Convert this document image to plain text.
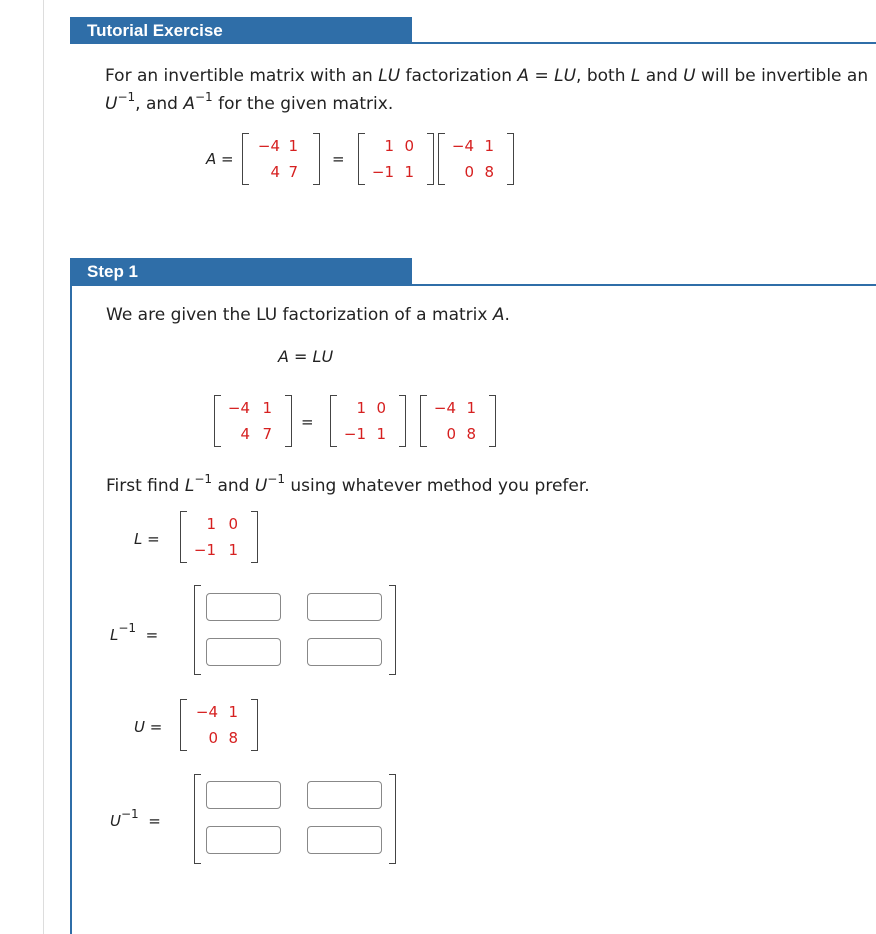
Tutorial Exercise
For an invertible matrix with an LU factorization A = LU, both L and U will be invertible an
$U^{-1}$, and $A^{-1}$ for the given matrix.
A =
−4 1
4 7
=
1 0
−1 1
−4 1
0 8
Step 1
We are given the LU factorization of a matrix A.
A = LU
−4 1
4 7
=
1 0
−1 1
−4 1
0 8
First find $L^{-1}$ and $U^{-1}$ using whatever method you prefer.
L =
1 0
−1 1
$L^{-1}$ =
U =
−4 1
0 8
$U^{-1}$ =
